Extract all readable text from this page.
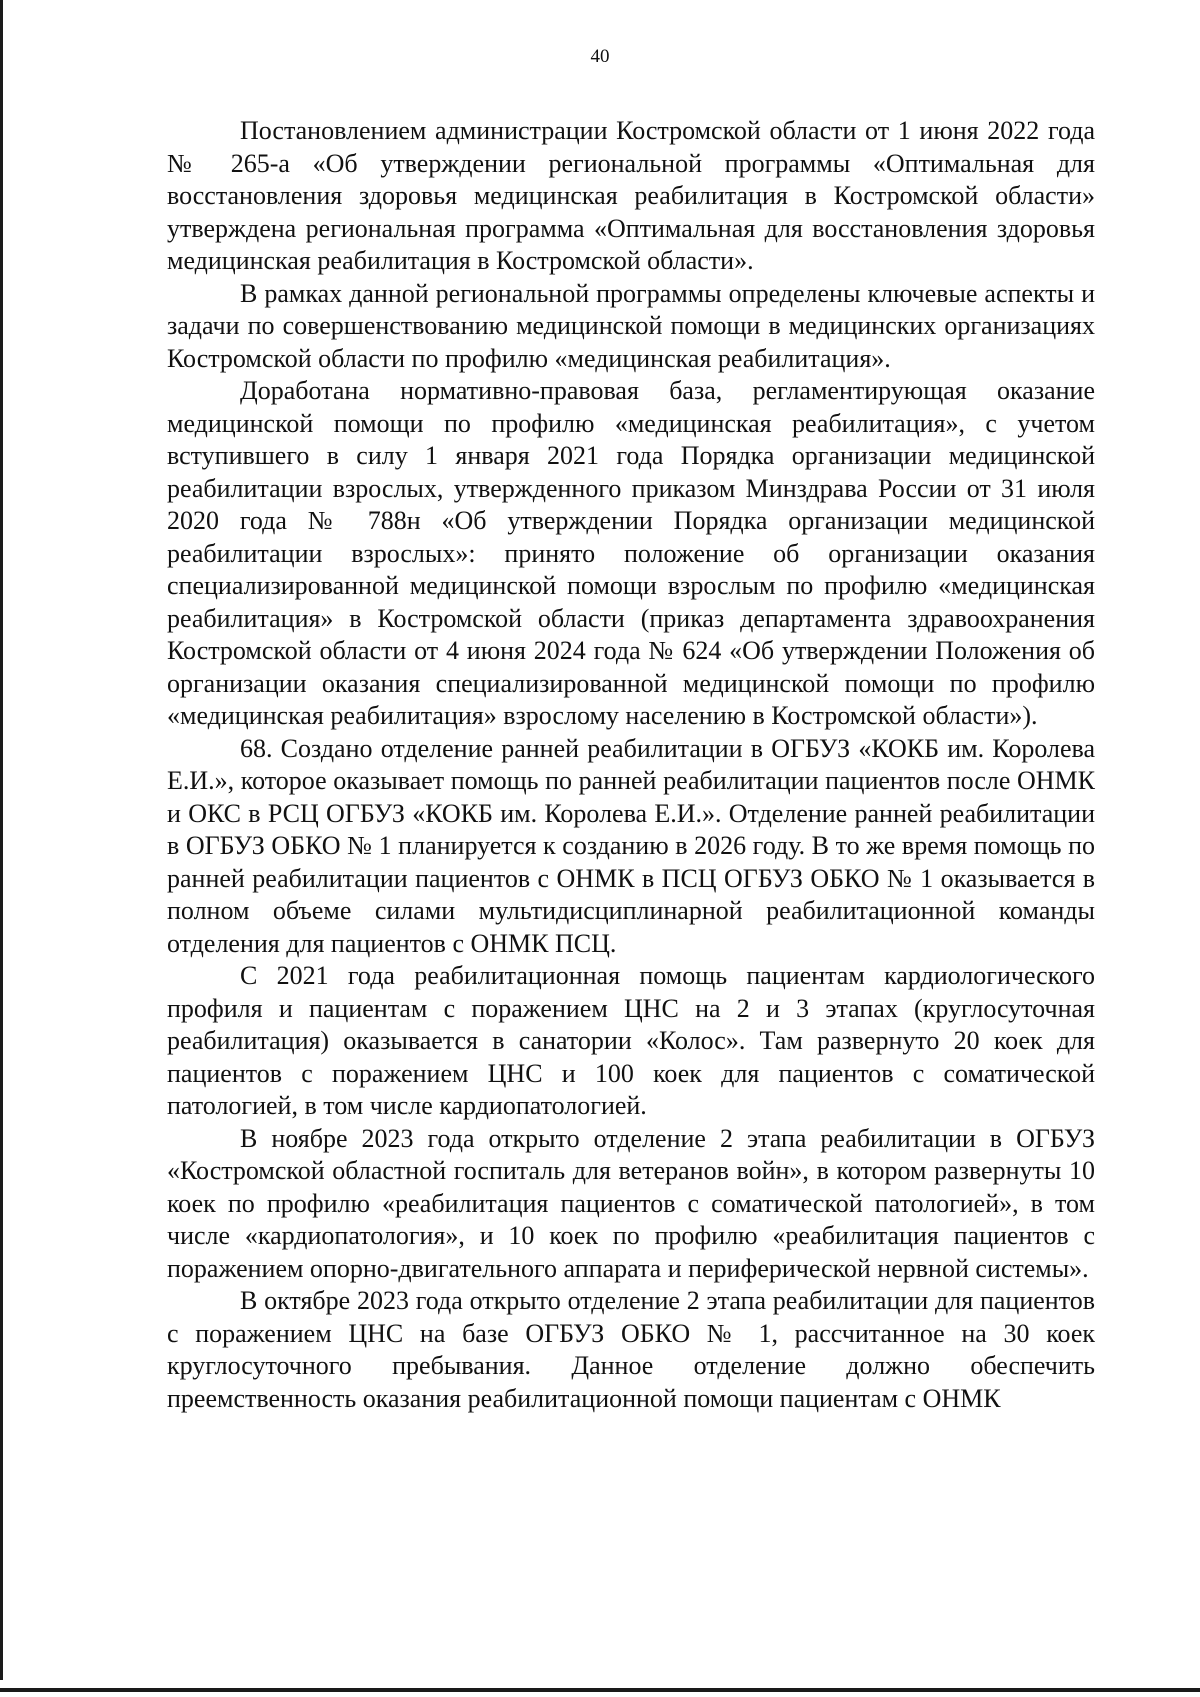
40

Постановлением администрации Костромской области от 1 июня 2022 года № 265-а «Об утверждении региональной программы «Оптимальная для восстановления здоровья медицинская реабилитация в Костромской области» утверждена региональная программа «Оптимальная для восстановления здоровья медицинская реабилитация в Костромской области».

В рамках данной региональной программы определены ключевые аспекты и задачи по совершенствованию медицинской помощи в медицинских организациях Костромской области по профилю «медицинская реабилитация».

Доработана нормативно-правовая база, регламентирующая оказание медицинской помощи по профилю «медицинская реабилитация», с учетом вступившего в силу 1 января 2021 года Порядка организации медицинской реабилитации взрослых, утвержденного приказом Минздрава России от 31 июля 2020 года № 788н «Об утверждении Порядка организации медицинской реабилитации взрослых»: принято положение об организации оказания специализированной медицинской помощи взрослым по профилю «медицинская реабилитация» в Костромской области (приказ департамента здравоохранения Костромской области от 4 июня 2024 года № 624 «Об утверждении Положения об организации оказания специализированной медицинской помощи по профилю «медицинская реабилитация» взрослому населению в Костромской области»).

68. Создано отделение ранней реабилитации в ОГБУЗ «КОКБ им. Королева Е.И.», которое оказывает помощь по ранней реабилитации пациентов после ОНМК и ОКС в РСЦ ОГБУЗ «КОКБ им. Королева Е.И.». Отделение ранней реабилитации в ОГБУЗ ОБКО № 1 планируется к созданию в 2026 году. В то же время помощь по ранней реабилитации пациентов с ОНМК в ПСЦ ОГБУЗ ОБКО № 1 оказывается в полном объеме силами мультидисциплинарной реабилитационной команды отделения для пациентов с ОНМК ПСЦ.

С 2021 года реабилитационная помощь пациентам кардиологического профиля и пациентам с поражением ЦНС на 2 и 3 этапах (круглосуточная реабилитация) оказывается в санатории «Колос». Там развернуто 20 коек для пациентов с поражением ЦНС и 100 коек для пациентов с соматической патологией, в том числе кардиопатологией.

В ноябре 2023 года открыто отделение 2 этапа реабилитации в ОГБУЗ «Костромской областной госпиталь для ветеранов войн», в котором развернуты 10 коек по профилю «реабилитация пациентов с соматической патологией», в том числе «кардиопатология», и 10 коек по профилю «реабилитация пациентов с поражением опорно-двигательного аппарата и периферической нервной системы».

В октябре 2023 года открыто отделение 2 этапа реабилитации для пациентов с поражением ЦНС на базе ОГБУЗ ОБКО № 1, рассчитанное на 30 коек круглосуточного пребывания. Данное отделение должно обеспечить преемственность оказания реабилитационной помощи пациентам с ОНМК
